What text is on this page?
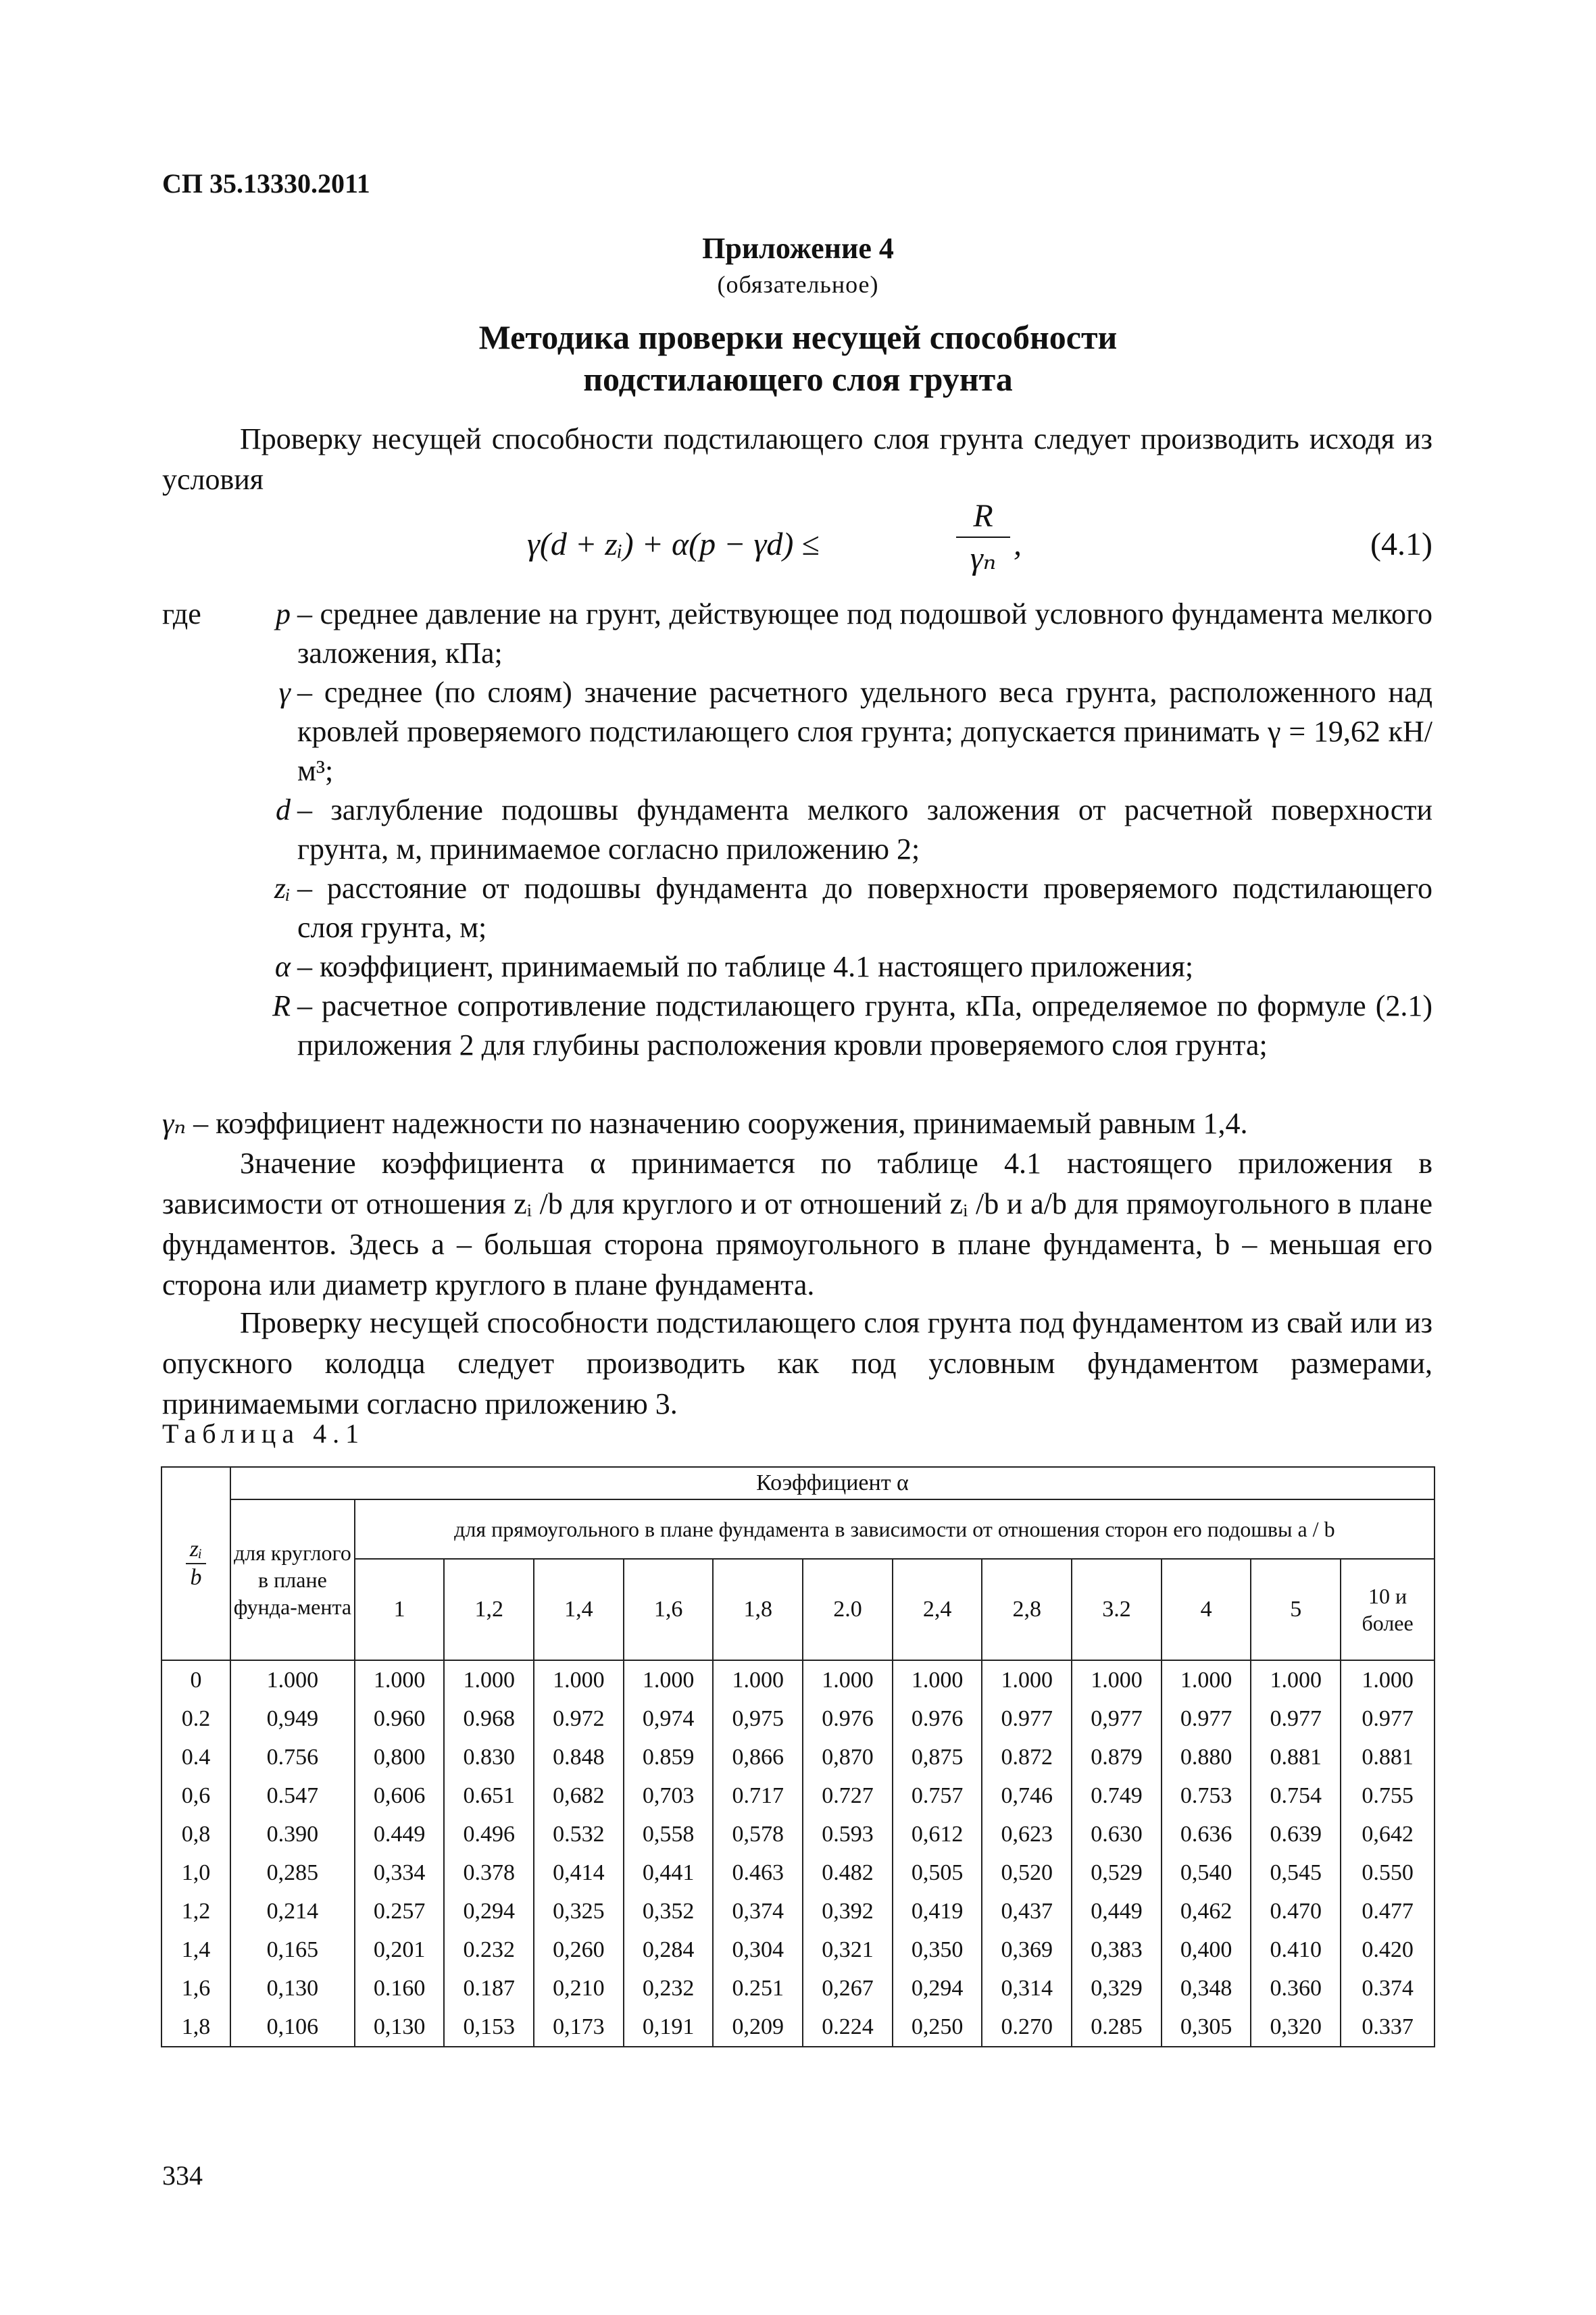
СП 35.13330.2011
Приложение 4
(обязательное)
Методика проверки несущей способности
подстилающего слоя грунта
Проверку несущей способности подстилающего слоя грунта следует производить исходя из условия
γ(d + zᵢ) + α(p − γd) ≤
R
γₙ ,	(4.1)
где	p – среднее давление на грунт, действующее под подошвой условного фундамента мелкого заложения, кПа;
γ – среднее (по слоям) значение расчетного удельного веса грунта, расположенного над кровлей проверяемого подстилающего слоя грунта; допускается принимать γ = 19,62 кН/м³;
d – заглубление подошвы фундамента мелкого заложения от расчетной поверхности грунта, м, принимаемое согласно приложению 2;
zᵢ – расстояние от подошвы фундамента до поверхности проверяемого подстилающего слоя грунта, м;
α – коэффициент, принимаемый по таблице 4.1 настоящего приложения;
R – расчетное сопротивление подстилающего грунта, кПа, определяемое по формуле (2.1) приложения 2 для глубины расположения кровли проверяемого слоя грунта;
γₙ – коэффициент надежности по назначению сооружения, принимаемый равным 1,4.
Значение коэффициента α принимается по таблице 4.1 настоящего приложения в зависимости от отношения zᵢ /b для круглого и от отношений zᵢ /b и a/b для прямоугольного в плане фундаментов. Здесь a – большая сторона прямоугольного в плане фундамента, b – меньшая его сторона или диаметр круглого в плане фундамента.
Проверку несущей способности подстилающего слоя грунта под фундаментом из свай или из опускного колодца следует производить как под условным фундаментом размерами, принимаемыми согласно приложению 3.
Таблица 4.1
zᵢ

b	Коэффициент α												
	для круглого в плане фунда-мента	для прямоугольного в плане фундамента в зависимости от отношения сторон его подошвы a / b											
		1	1,2	1,4	1,6	1,8	2.0	2,4	2,8	3.2	4	5	10 и более
0	1.000	1.000	1.000	1.000	1.000	1.000	1.000	1.000	1.000	1.000	1.000	1.000	1.000
0.2	0,949	0.960	0.968	0.972	0,974	0,975	0.976	0.976	0.977	0,977	0.977	0.977	0.977
0.4	0.756	0,800	0.830	0.848	0.859	0,866	0,870	0,875	0.872	0.879	0.880	0.881	0.881
0,6	0.547	0,606	0.651	0,682	0,703	0.717	0.727	0.757	0,746	0.749	0.753	0.754	0.755
0,8	0.390	0.449	0.496	0.532	0,558	0,578	0.593	0,612	0,623	0.630	0.636	0.639	0,642
1,0	0,285	0,334	0.378	0,414	0,441	0.463	0.482	0,505	0,520	0,529	0,540	0,545	0.550
1,2	0,214	0.257	0,294	0,325	0,352	0,374	0,392	0,419	0,437	0,449	0,462	0.470	0.477
1,4	0,165	0,201	0.232	0,260	0,284	0,304	0,321	0,350	0,369	0,383	0,400	0.410	0.420
1,6	0,130	0.160	0.187	0,210	0,232	0.251	0,267	0,294	0,314	0,329	0,348	0.360	0.374
1,8	0,106	0,130	0,153	0,173	0,191	0,209	0.224	0,250	0.270	0.285	0,305	0,320	0.337
334
